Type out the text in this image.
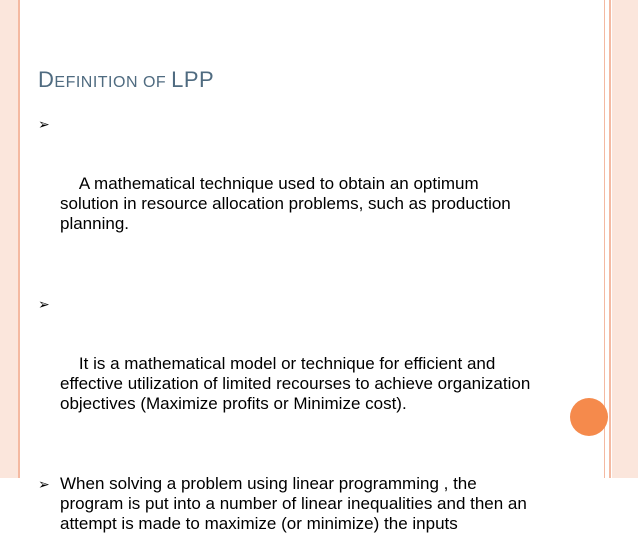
DEFINITION OF LPP

➢

A mathematical technique used to obtain an optimum solution in resource allocation problems, such as production planning.

➢

It is a mathematical model or technique for efficient and effective utilization of limited recourses to achieve organization objectives (Maximize profits or Minimize cost).

➢ When solving a problem using linear programming , the program is put into a number of linear inequalities and then an attempt is made to maximize (or minimize) the inputs
